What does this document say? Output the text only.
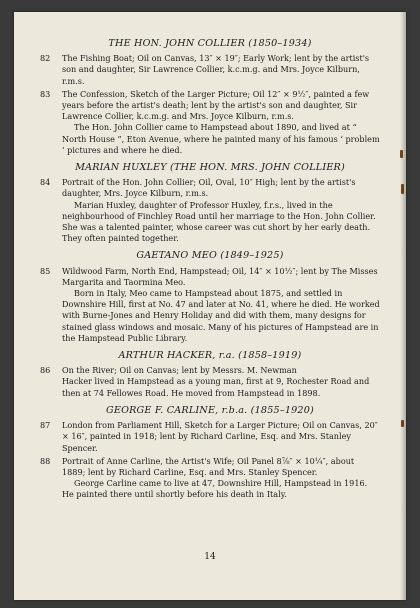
THE HON. JOHN COLLIER (1850–1934)
82 The Fishing Boat; Oil on Canvas, 13″ × 19″; Early Work; lent by the artist's son and daughter, Sir Lawrence Collier, k.c.m.g. and Mrs. Joyce Kilburn, r.m.s.
83 The Confession, Sketch of the Larger Picture; Oil 12″ × 9½″, painted a few years before the artist's death; lent by the artist's son and daughter, Sir Lawrence Collier, k.c.m.g. and Mrs. Joyce Kilburn, r.m.s.
The Hon. John Collier came to Hampstead about 1890, and lived at “ North House ”, Eton Avenue, where he painted many of his famous ‘ problem ’ pictures and where he died.
MARIAN HUXLEY (THE HON. MRS. JOHN COLLIER)
84 Portrait of the Hon. John Collier; Oil, Oval, 10″ High; lent by the artist's daughter, Mrs. Joyce Kilburn, r.m.s.
Marian Huxley, daughter of Professor Huxley, f.r.s., lived in the neighbourhood of Finchley Road until her marriage to the Hon. John Collier. She was a talented painter, whose career was cut short by her early death. They often painted together.
GAETANO MEO (1849–1925)
85 Wildwood Farm, North End, Hampstead; Oil, 14″ × 10½″; lent by The Misses Margarita and Taormina Meo.
Born in Italy, Meo came to Hampstead about 1875, and settled in Downshire Hill, first at No. 47 and later at No. 41, where he died. He worked with Burne-Jones and Henry Holiday and did with them, many designs for stained glass windows and mosaic. Many of his pictures of Hampstead are in the Hampstead Public Library.
ARTHUR HACKER, r.a. (1858–1919)
86 On the River; Oil on Canvas; lent by Messrs. M. Newman
Hacker lived in Hampstead as a young man, first at 9, Rochester Road and then at 74 Fellowes Road. He moved from Hampstead in 1898.
GEORGE F. CARLINE, r.b.a. (1855–1920)
87 London from Parliament Hill, Sketch for a Larger Picture; Oil on Canvas, 20″ × 16″, painted in 1918; lent by Richard Carline, Esq. and Mrs. Stanley Spencer.
88 Portrait of Anne Carline, the Artist's Wife; Oil Panel 8⅞″ × 10¼″, about 1889; lent by Richard Carline, Esq. and Mrs. Stanley Spencer.
George Carline came to live at 47, Downshire Hill, Hampstead in 1916. He painted there until shortly before his death in Italy.
14
